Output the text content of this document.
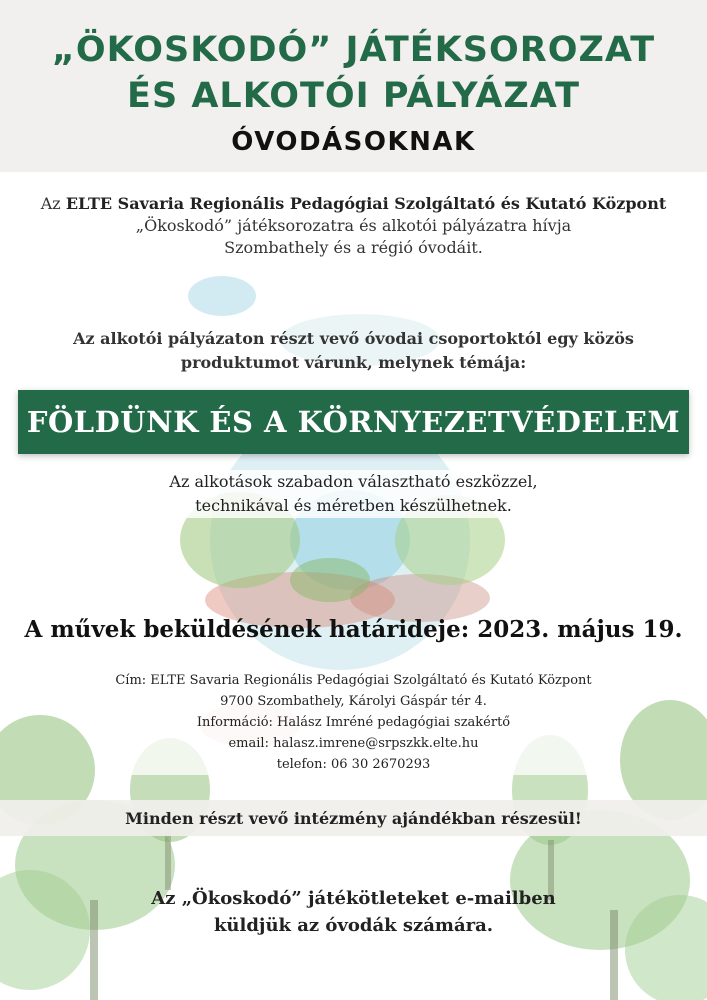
„ÖKOSKODÓ” JÁTÉKSOROZAT
ÉS ALKOTÓI PÁLYÁZAT
ÓVODÁSOKNAK
Az ELTE Savaria Regionális Pedagógiai Szolgáltató és Kutató Központ
„Ökoskodó” játéksorozatra és alkotói pályázatra hívja
Szombathely és a régió óvodáit.
Az alkotói pályázaton részt vevő óvodai csoportoktól egy közös
produktumot várunk, melynek témája:
FÖLDÜNK ÉS A KÖRNYEZETVÉDELEM
Az alkotások szabadon választható eszközzel,
technikával és méretben készülhetnek.
A művek beküldésének határideje: 2023. május 19.
Cím: ELTE Savaria Regionális Pedagógiai Szolgáltató és Kutató Központ
9700 Szombathely, Károlyi Gáspár tér 4.
Információ: Halász Imréné pedagógiai szakértő
email: halasz.imrene@srpszkk.elte.hu
telefon: 06 30 2670293
Minden részt vevő intézmény ajándékban részesül!
Az „Ökoskodó” játékötleteket e-mailben
küldjük az óvodák számára.
